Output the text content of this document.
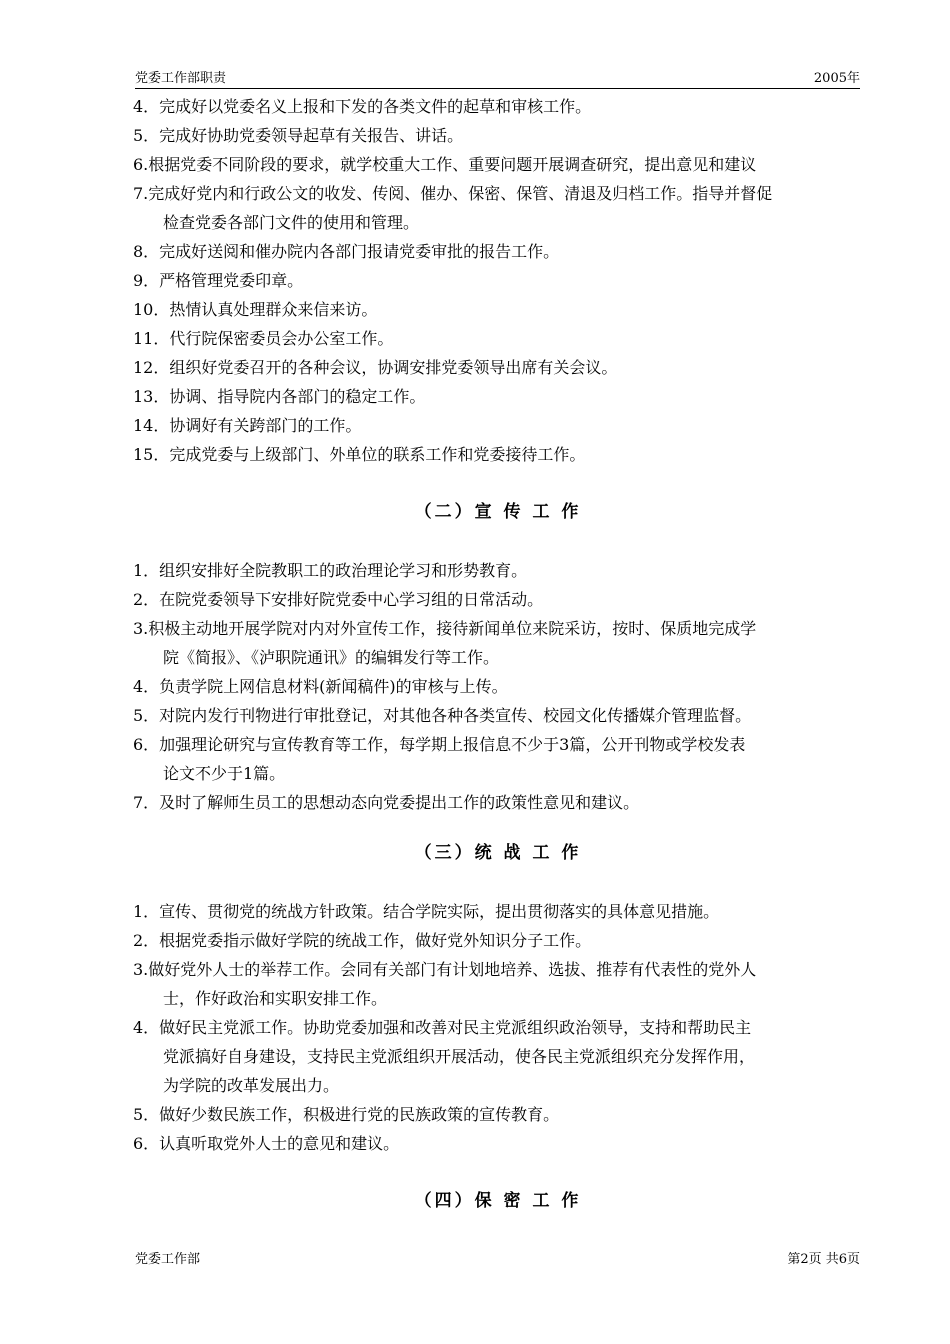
党委工作部职责	2005年
4．完成好以党委名义上报和下发的各类文件的起草和审核工作。
5．完成好协助党委领导起草有关报告、讲话。
6.根据党委不同阶段的要求，就学校重大工作、重要问题开展调查研究，提出意见和建议
7.完成好党内和行政公文的收发、传阅、催办、保密、保管、清退及归档工作。指导并督促
检查党委各部门文件的使用和管理。
8．完成好送阅和催办院内各部门报请党委审批的报告工作。
9．严格管理党委印章。
10．热情认真处理群众来信来访。
11．代行院保密委员会办公室工作。
12．组织好党委召开的各种会议，协调安排党委领导出席有关会议。
13．协调、指导院内各部门的稳定工作。
14．协调好有关跨部门的工作。
15．完成党委与上级部门、外单位的联系工作和党委接待工作。
（二）宣 传 工 作
1．组织安排好全院教职工的政治理论学习和形势教育。
2．在院党委领导下安排好院党委中心学习组的日常活动。
3.积极主动地开展学院对内对外宣传工作，接待新闻单位来院采访，按时、保质地完成学
院《简报》、《泸职院通讯》的编辑发行等工作。
4．负责学院上网信息材料(新闻稿件)的审核与上传。
5．对院内发行刊物进行审批登记，对其他各种各类宣传、校园文化传播媒介管理监督。
6．加强理论研究与宣传教育等工作，每学期上报信息不少于3篇，公开刊物或学校发表
论文不少于1篇。
7．及时了解师生员工的思想动态向党委提出工作的政策性意见和建议。
（三）统 战 工 作
1．宣传、贯彻党的统战方针政策。结合学院实际，提出贯彻落实的具体意见措施。
2．根据党委指示做好学院的统战工作，做好党外知识分子工作。
3.做好党外人士的举荐工作。会同有关部门有计划地培养、选拔、推荐有代表性的党外人
士，作好政治和实职安排工作。
4．做好民主党派工作。协助党委加强和改善对民主党派组织政治领导，支持和帮助民主
党派搞好自身建设，支持民主党派组织开展活动，使各民主党派组织充分发挥作用，
为学院的改革发展出力。
5．做好少数民族工作，积极进行党的民族政策的宣传教育。
6．认真听取党外人士的意见和建议。
（四）保 密 工 作
党委工作部	第2页 共6页
